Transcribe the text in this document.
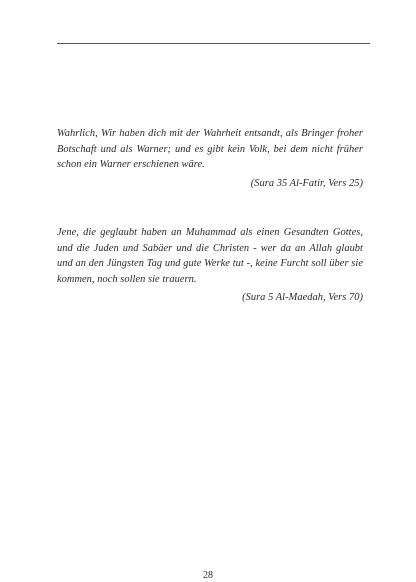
Wahrlich, Wir haben dich mit der Wahrheit entsandt, als Bringer froher Botschaft und als Warner; und es gibt kein Volk, bei dem nicht früher schon ein Warner erschienen wäre.

(Sura 35 Al-Fatir, Vers 25)

Jene, die geglaubt haben an Muhammad als einen Gesandten Gottes, und die Juden und Sabäer und die Christen - wer da an Allah glaubt und an den Jüngsten Tag und gute Werke tut -, keine Furcht soll über sie kommen, noch sollen sie trauern.

(Sura 5 Al-Maedah, Vers 70)

28
